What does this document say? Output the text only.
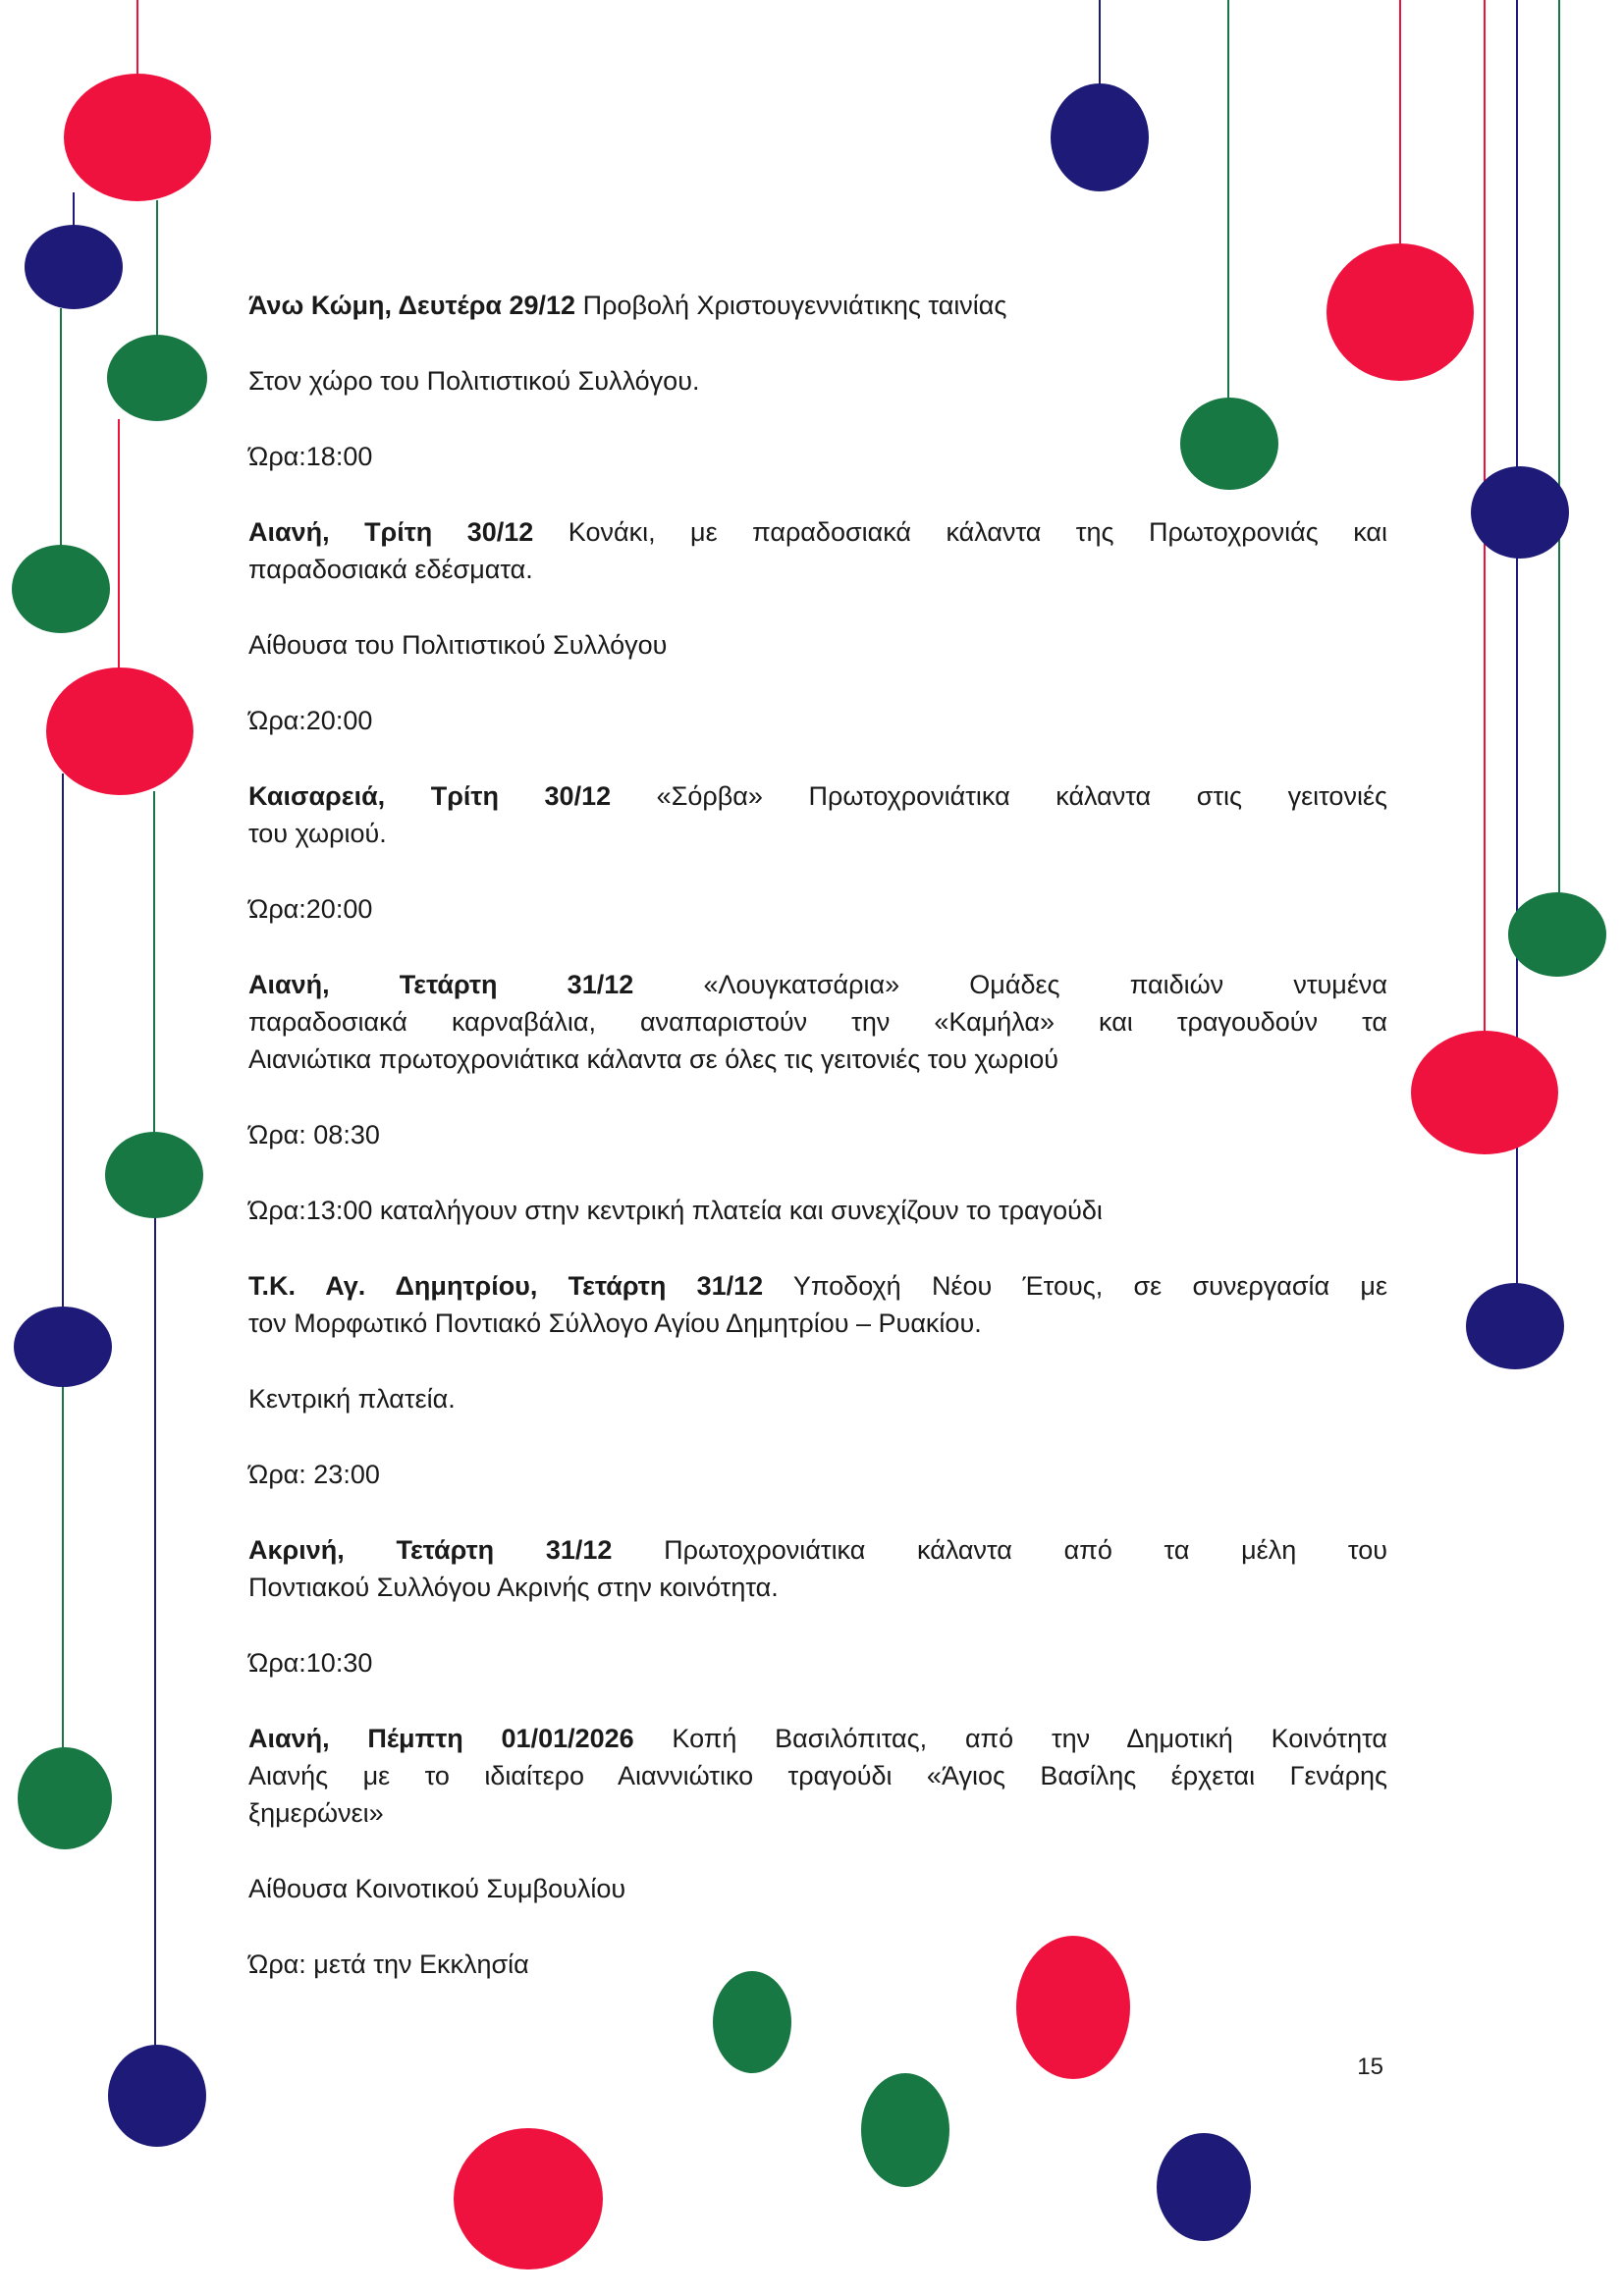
Άνω Κώμη, Δευτέρα 29/12 Προβολή Χριστουγεννιάτικης ταινίας
Στον χώρο του Πολιτιστικού Συλλόγου.
Ώρα:18:00
Αιανή, Τρίτη 30/12 Κονάκι, με παραδοσιακά κάλαντα της Πρωτοχρονιάς και
παραδοσιακά εδέσματα.
Αίθουσα του Πολιτιστικού Συλλόγου
Ώρα:20:00
Καισαρειά, Τρίτη 30/12 «Σόρβα» Πρωτοχρονιάτικα κάλαντα στις γειτονιές
του χωριού.
Ώρα:20:00
Αιανή, Τετάρτη 31/12 «Λουγκατσάρια» Ομάδες παιδιών ντυμένα
παραδοσιακά καρναβάλια, αναπαριστούν την «Καμήλα» και τραγουδούν τα
Αιανιώτικα πρωτοχρονιάτικα κάλαντα σε όλες τις γειτονιές του χωριού
Ώρα: 08:30
Ώρα:13:00 καταλήγουν στην κεντρική πλατεία και συνεχίζουν το τραγούδι
Τ.Κ. Αγ. Δημητρίου, Τετάρτη 31/12 Υποδοχή Νέου Έτους, σε συνεργασία με
τον Μορφωτικό Ποντιακό Σύλλογο Αγίου Δημητρίου – Ρυακίου.
Κεντρική πλατεία.
Ώρα: 23:00
Ακρινή, Τετάρτη 31/12 Πρωτοχρονιάτικα κάλαντα από τα μέλη του
Ποντιακού Συλλόγου Ακρινής στην κοινότητα.
Ώρα:10:30
Αιανή, Πέμπτη 01/01/2026 Κοπή Βασιλόπιτας, από την Δημοτική Κοινότητα
Αιανής με το ιδιαίτερο Αιαννιώτικο τραγούδι «Άγιος Βασίλης έρχεται Γενάρης
ξημερώνει»
Αίθουσα Κοινοτικού Συμβουλίου
Ώρα: μετά την Εκκλησία
15
